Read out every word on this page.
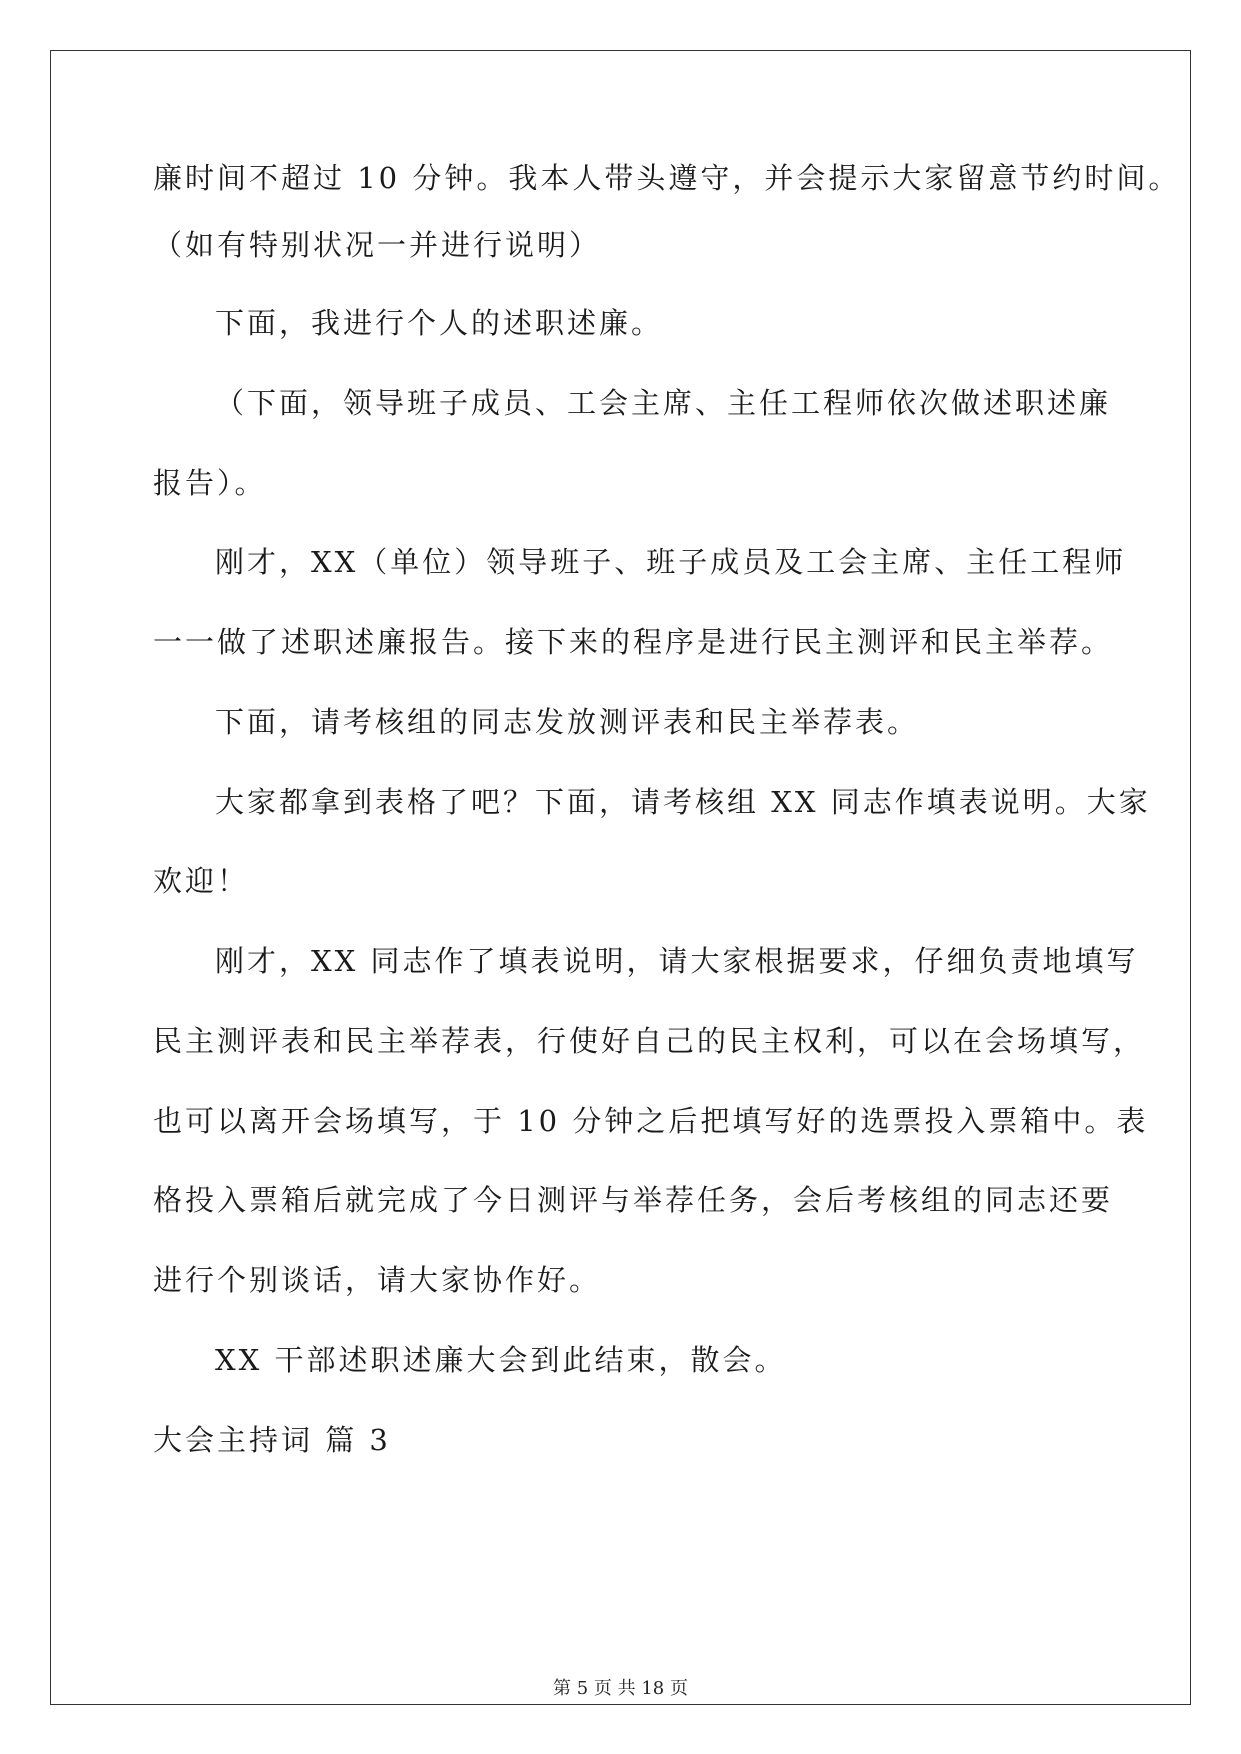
廉时间不超过 10 分钟。我本人带头遵守，并会提示大家留意节约时间。
（如有特别状况一并进行说明）
下面，我进行个人的述职述廉。
（下面，领导班子成员、工会主席、主任工程师依次做述职述廉
报告）。
刚才，XX（单位）领导班子、班子成员及工会主席、主任工程师
一一做了述职述廉报告。接下来的程序是进行民主测评和民主举荐。
下面，请考核组的同志发放测评表和民主举荐表。
大家都拿到表格了吧？下面，请考核组 XX 同志作填表说明。大家
欢迎！
刚才，XX 同志作了填表说明，请大家根据要求，仔细负责地填写
民主测评表和民主举荐表，行使好自己的民主权利，可以在会场填写，
也可以离开会场填写，于 10 分钟之后把填写好的选票投入票箱中。表
格投入票箱后就完成了今日测评与举荐任务，会后考核组的同志还要
进行个别谈话，请大家协作好。
XX 干部述职述廉大会到此结束，散会。
大会主持词 篇 3
第 5 页 共 18 页
